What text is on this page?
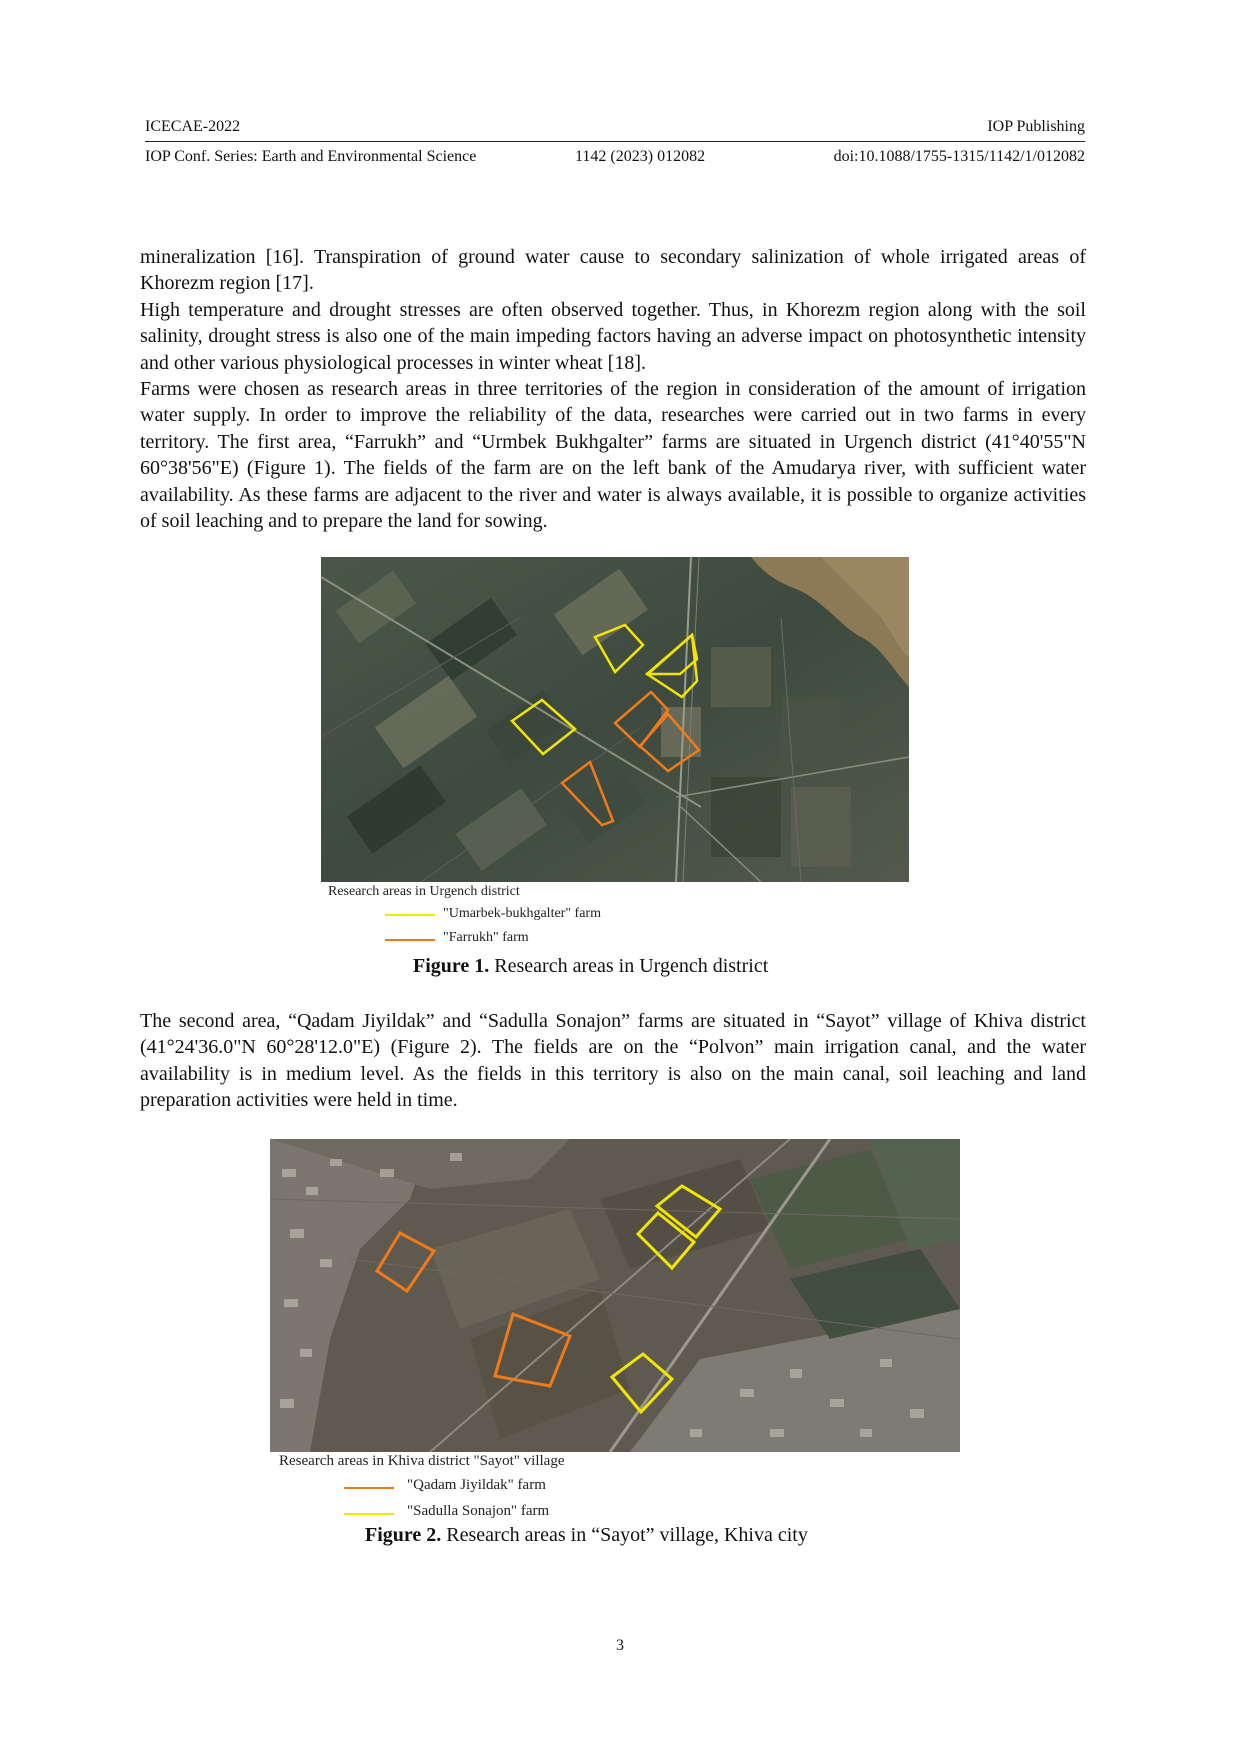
ICECAE-2022	IOP Publishing
IOP Conf. Series: Earth and Environmental Science	1142 (2023) 012082	doi:10.1088/1755-1315/1142/1/012082

mineralization [16]. Transpiration of ground water cause to secondary salinization of whole irrigated areas of Khorezm region [17].

High temperature and drought stresses are often observed together. Thus, in Khorezm region along with the soil salinity, drought stress is also one of the main impeding factors having an adverse impact on photosynthetic intensity and other various physiological processes in winter wheat [18].

Farms were chosen as research areas in three territories of the region in consideration of the amount of irrigation water supply. In order to improve the reliability of the data, researches were carried out in two farms in every territory. The first area, “Farrukh” and “Urmbek Bukhgalter” farms are situated in Urgench district (41°40'55"N 60°38'56"E) (Figure 1). The fields of the farm are on the left bank of the Amudarya river, with sufficient water availability. As these farms are adjacent to the river and water is always available, it is possible to organize activities of soil leaching and to prepare the land for sowing.

Research areas in Urgench district
"Umarbek-bukhgalter" farm
"Farrukh" farm
Figure 1. Research areas in Urgench district

The second area, “Qadam Jiyildak” and “Sadulla Sonajon” farms are situated in “Sayot” village of Khiva district (41°24'36.0"N 60°28'12.0"E) (Figure 2). The fields are on the “Polvon” main irrigation canal, and the water availability is in medium level. As the fields in this territory is also on the main canal, soil leaching and land preparation activities were held in time.

Research areas in Khiva district "Sayot" village
"Qadam Jiyildak" farm
"Sadulla Sonajon" farm
Figure 2. Research areas in “Sayot” village, Khiva city
3
